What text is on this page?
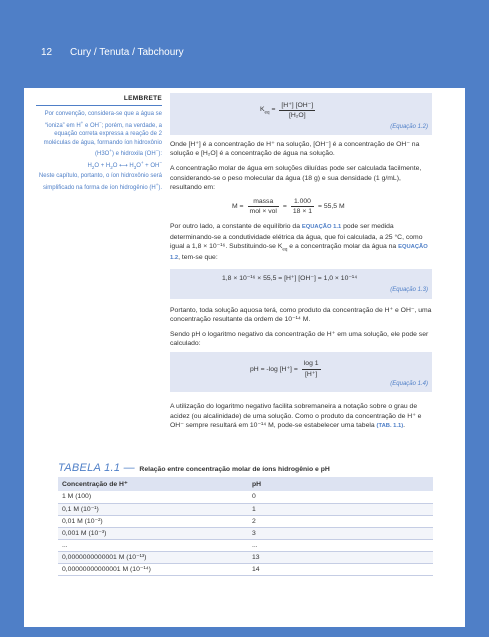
12 Cury / Tenuta / Tabchoury
LEMBRETE
Por convenção, considera-se que a água se “ioniza” em H+ e OH−; porém, na verdade, a equação correta expressa a reação de 2 moléculas de água, formando íon hidroxônio (H3O+) e hidroxila (OH−):
$H_2O + H_2O$ ⟷ $H_3O^+ + OH^-$
Neste capítulo, portanto, o íon hidroxônio será simplificado na forma de íon hidrogênio (H+).
$K_{eq} = \frac{[H^+] [OH^-]}{\text{[H₂O]}}$
(Equação 1.2)

Onde [H⁺] é a concentração de H⁺ na solução, [OH⁻] é a concentração de OH⁻ na solução e [H₂O] é a concentração de água na solução.

A concentração molar de água em soluções diluídas pode ser calculada facilmente, considerando-se o peso molecular da água (18 g) e sua densidade (1 g/mL), resultando em:

$M = \frac{\text{massa}}{\text{mol × vol}} = \frac{1.000}{18 \times 1} = 55,5$ M

Por outro lado, a constante de equilíbrio da EQUAÇÃO 1.1 pode ser medida determinando-se a condutividade elétrica da água, que foi calculada, a 25 °C, como igual a 1,8 × 10⁻¹⁶. Substituindo-se $K_{eq}$ e a concentração molar da água na EQUAÇÃO 1.2, tem-se que:

1,8 × 10⁻¹⁶ × 55,5 = [H⁺] [OH⁻] = 1,0 × 10⁻¹⁴
(Equação 1.3)

Portanto, toda solução aquosa terá, como produto da concentração de H⁺ e OH⁻, uma concentração resultante da ordem de 10⁻¹⁴ M.

Sendo pH o logaritmo negativo da concentração de H⁺ em uma solução, ele pode ser calculado:

pH = -log $[H^+] = \frac{\log 1}{[H^+]}$
(Equação 1.4)

A utilização do logaritmo negativo facilita sobremaneira a notação sobre o grau de acidez (ou alcalinidade) de uma solução. Como o produto da concentração de H⁺ e OH⁻ sempre resultará em 10⁻¹⁴ M, pode-se estabelecer uma tabela (TAB. 1.1).

TABELA 1.1 — Relação entre concentração molar de íons hidrogênio e pH
Concentração de H⁺	pH
1 M (100)	0
0,1 M (10⁻¹)	1
0,01 M (10⁻²)	2
0,001 M (10⁻³)	3
...	...
0,0000000000001 M (10⁻¹³)	13
0,00000000000001 M (10⁻¹⁴)	14
